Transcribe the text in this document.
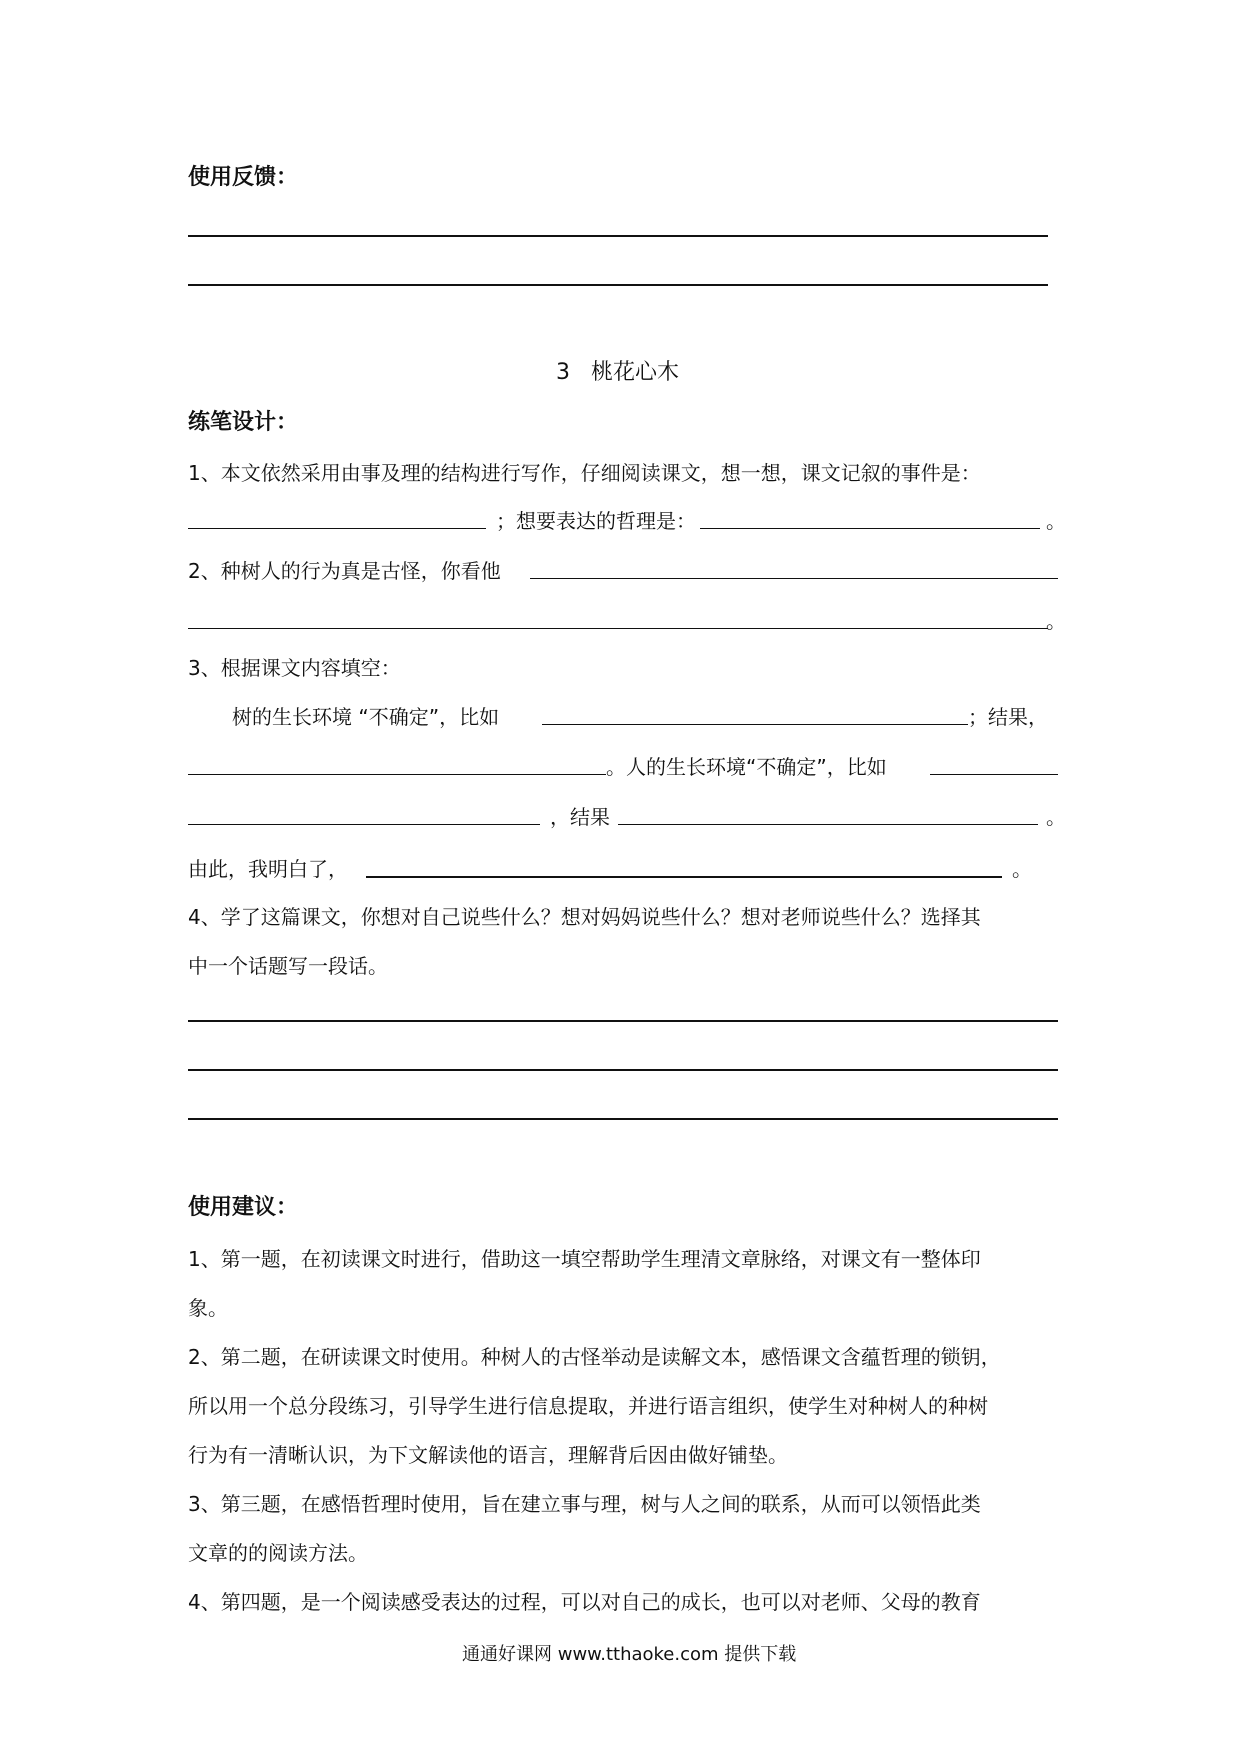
使用反馈：
3 桃花心木
练笔设计：
1、本文依然采用由事及理的结构进行写作，仔细阅读课文，想一想，课文记叙的事件是：
；想要表达的哲理是：	。
2、种树人的行为真是古怪，你看他
。
3、根据课文内容填空：
树的生长环境 “不确定”，比如	；结果，
。人的生长环境“不确定”，比如
，结果	。
由此，我明白了，	。
4、学了这篇课文，你想对自己说些什么？想对妈妈说些什么？想对老师说些什么？选择其
中一个话题写一段话。
使用建议：
1、第一题，在初读课文时进行，借助这一填空帮助学生理清文章脉络，对课文有一整体印
象。
2、第二题，在研读课文时使用。种树人的古怪举动是读解文本，感悟课文含蕴哲理的锁钥，
所以用一个总分段练习，引导学生进行信息提取，并进行语言组织，使学生对种树人的种树
行为有一清晰认识，为下文解读他的语言，理解背后因由做好铺垫。
3、第三题，在感悟哲理时使用，旨在建立事与理，树与人之间的联系，从而可以领悟此类
文章的的阅读方法。
4、第四题，是一个阅读感受表达的过程，可以对自己的成长，也可以对老师、父母的教育
通通好课网 www.tthaoke.com 提供下载
